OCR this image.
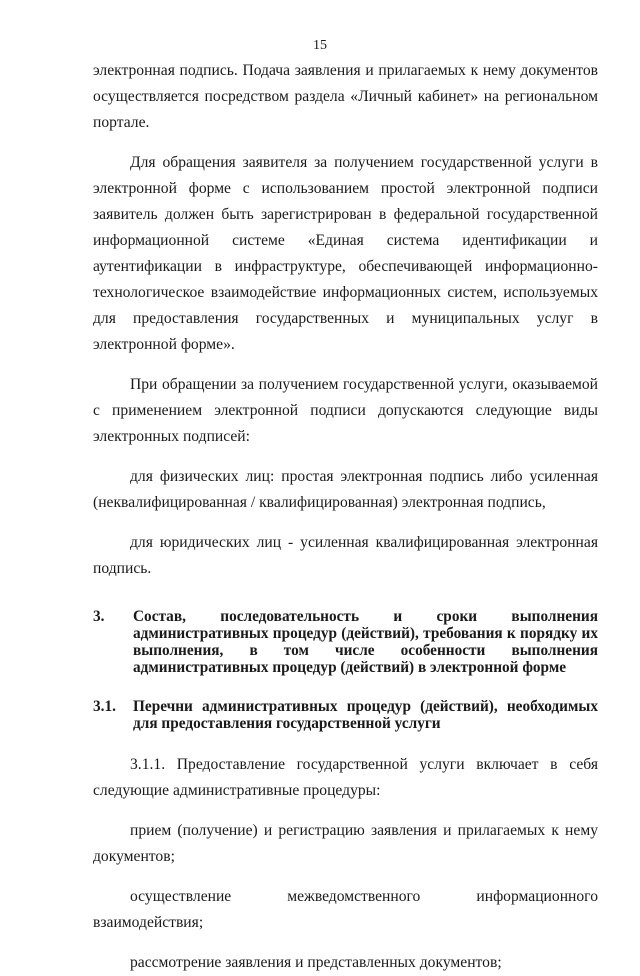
15

электронная подпись. Подача заявления и прилагаемых к нему документов осуществляется посредством раздела «Личный кабинет» на региональном портале.

Для обращения заявителя за получением государственной услуги в электронной форме с использованием простой электронной подписи заявитель должен быть зарегистрирован в федеральной государственной информационной системе «Единая система идентификации и аутентификации в инфраструктуре, обеспечивающей информационно-технологическое взаимодействие информационных систем, используемых для предоставления государственных и муниципальных услуг в электронной форме».

При обращении за получением государственной услуги, оказываемой с применением электронной подписи допускаются следующие виды электронных подписей:

для физических лиц: простая электронная подпись либо усиленная (неквалифицированная / квалифицированная) электронная подпись,

для юридических лиц - усиленная квалифицированная электронная подпись.

3.	Состав, последовательность и сроки выполнения административных процедур (действий), требования к порядку их выполнения, в том числе особенности выполнения административных процедур (действий) в электронной форме
3.1.	Перечни административных процедур (действий), необходимых для предоставления государственной услуги

3.1.1. Предоставление государственной услуги включает в себя следующие административные процедуры:

прием (получение) и регистрацию заявления и прилагаемых к нему документов;

осуществление межведомственного информационного взаимодействия;

рассмотрение заявления и представленных документов;
